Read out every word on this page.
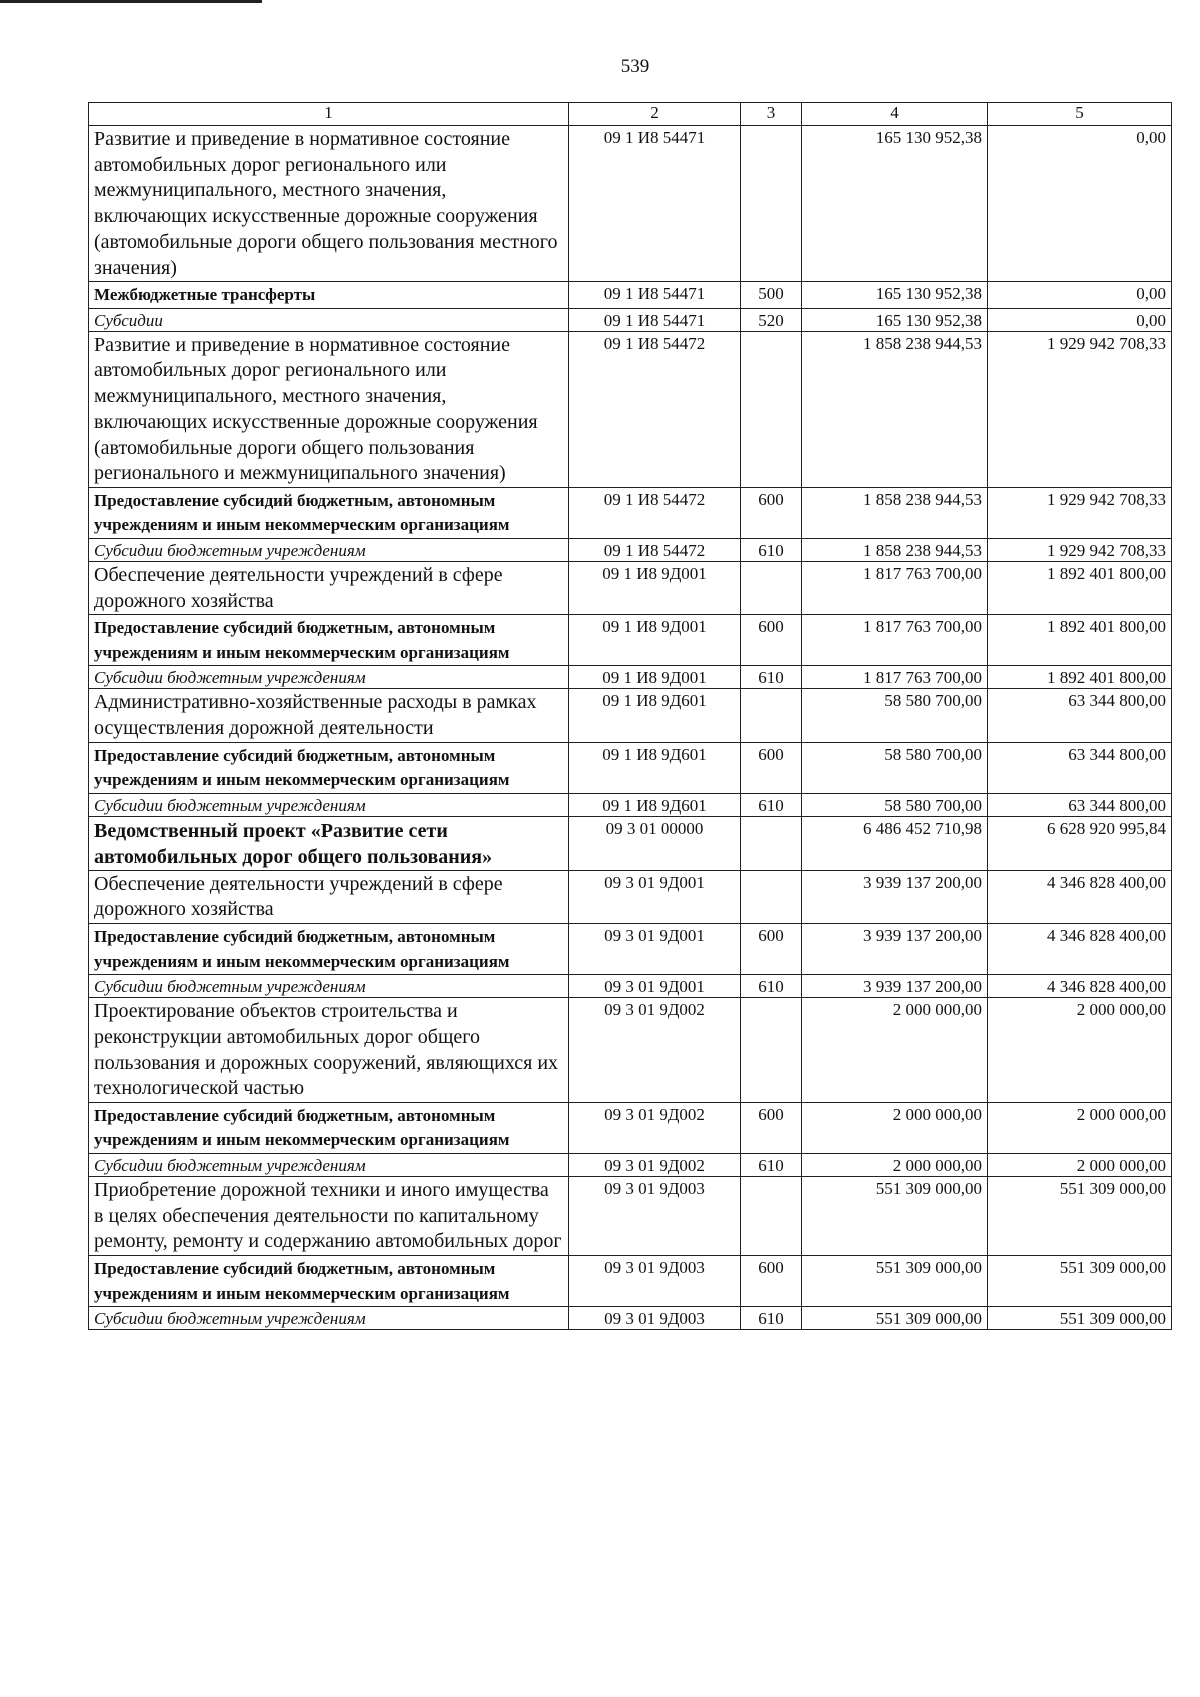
539
1	2	3	4	5
Развитие и приведение в нормативное состояние автомобильных дорог регионального или межмуниципального, местного значения, включающих искусственные дорожные сооружения (автомобильные дороги общего пользования местного значения)	09 1 И8 54471		165 130 952,38	0,00
Межбюджетные трансферты	09 1 И8 54471	500	165 130 952,38	0,00
Субсидии	09 1 И8 54471	520	165 130 952,38	0,00
Развитие и приведение в нормативное состояние автомобильных дорог регионального или межмуниципального, местного значения, включающих искусственные дорожные сооружения (автомобильные дороги общего пользования регионального и межмуниципального значения)	09 1 И8 54472		1 858 238 944,53	1 929 942 708,33
Предоставление субсидий бюджетным, автономным учреждениям и иным некоммерческим организациям	09 1 И8 54472	600	1 858 238 944,53	1 929 942 708,33
Субсидии бюджетным учреждениям	09 1 И8 54472	610	1 858 238 944,53	1 929 942 708,33
Обеспечение деятельности учреждений в сфере дорожного хозяйства	09 1 И8 9Д001		1 817 763 700,00	1 892 401 800,00
Предоставление субсидий бюджетным, автономным учреждениям и иным некоммерческим организациям	09 1 И8 9Д001	600	1 817 763 700,00	1 892 401 800,00
Субсидии бюджетным учреждениям	09 1 И8 9Д001	610	1 817 763 700,00	1 892 401 800,00
Административно-хозяйственные расходы в рамках осуществления дорожной деятельности	09 1 И8 9Д601		58 580 700,00	63 344 800,00
Предоставление субсидий бюджетным, автономным учреждениям и иным некоммерческим организациям	09 1 И8 9Д601	600	58 580 700,00	63 344 800,00
Субсидии бюджетным учреждениям	09 1 И8 9Д601	610	58 580 700,00	63 344 800,00
Ведомственный проект «Развитие сети автомобильных дорог общего пользования»	09 3 01 00000		6 486 452 710,98	6 628 920 995,84
Обеспечение деятельности учреждений в сфере дорожного хозяйства	09 3 01 9Д001		3 939 137 200,00	4 346 828 400,00
Предоставление субсидий бюджетным, автономным учреждениям и иным некоммерческим организациям	09 3 01 9Д001	600	3 939 137 200,00	4 346 828 400,00
Субсидии бюджетным учреждениям	09 3 01 9Д001	610	3 939 137 200,00	4 346 828 400,00
Проектирование объектов строительства и реконструкции автомобильных дорог общего пользования и дорожных сооружений, являющихся их технологической частью	09 3 01 9Д002		2 000 000,00	2 000 000,00
Предоставление субсидий бюджетным, автономным учреждениям и иным некоммерческим организациям	09 3 01 9Д002	600	2 000 000,00	2 000 000,00
Субсидии бюджетным учреждениям	09 3 01 9Д002	610	2 000 000,00	2 000 000,00
Приобретение дорожной техники и иного имущества в целях обеспечения деятельности по капитальному ремонту, ремонту и содержанию автомобильных дорог	09 3 01 9Д003		551 309 000,00	551 309 000,00
Предоставление субсидий бюджетным, автономным учреждениям и иным некоммерческим организациям	09 3 01 9Д003	600	551 309 000,00	551 309 000,00
Субсидии бюджетным учреждениям	09 3 01 9Д003	610	551 309 000,00	551 309 000,00
